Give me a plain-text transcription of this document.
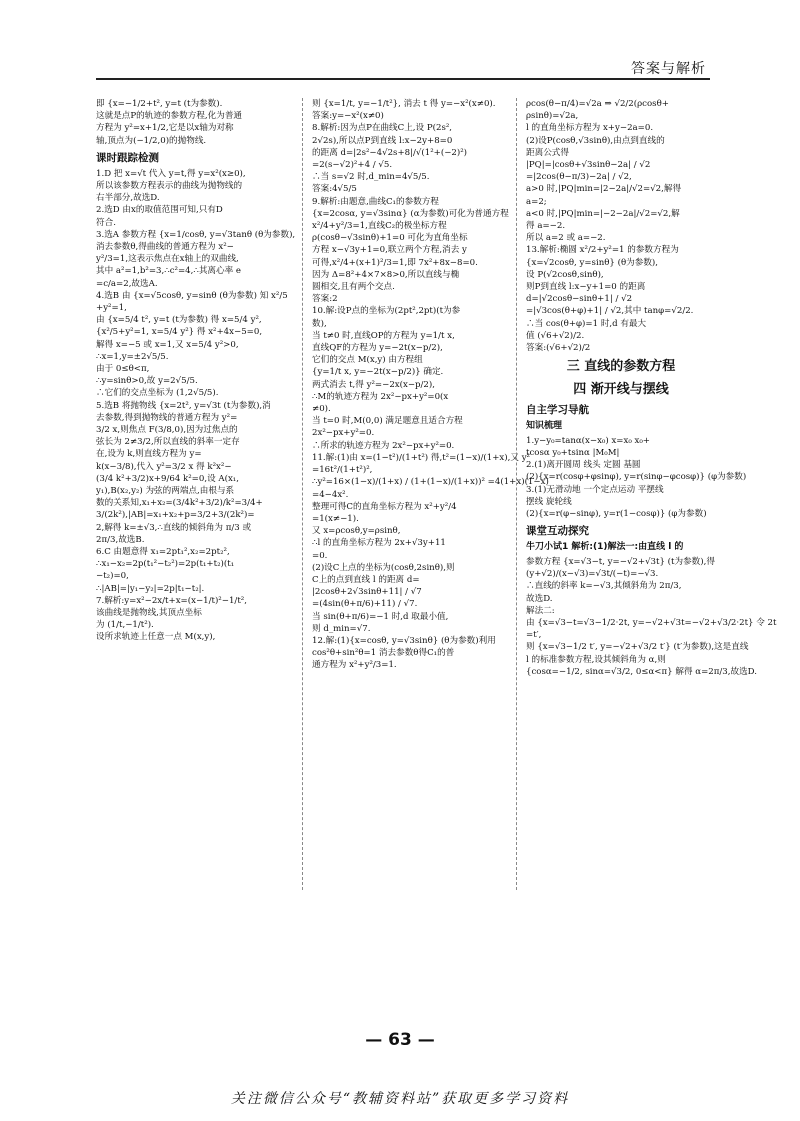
答案与解析
即 {x=−1/2+t², y=t (t为参数).
这就是点P的轨迹的参数方程,化为普通
方程为 y²=x+1/2,它是以x轴为对称
轴,顶点为(−1/2,0)的抛物线.
课时跟踪检测
1.D 把 x=√t 代入 y=t,得 y=x²(x≥0),
所以该参数方程表示的曲线为抛物线的
右半部分,故选D.
2.选D 由x的取值范围可知,只有D
符合.
3.选A 参数方程 {x=1/cosθ, y=√3tanθ (θ为参数),
消去参数θ,得曲线的普通方程为 x²−
y²/3=1,这表示焦点在x轴上的双曲线,
其中 a²=1,b²=3,∴c²=4,∴其离心率 e
=c/a=2,故选A.
4.选B 由 {x=√5cosθ, y=sinθ (θ为参数) 知 x²/5
+y²=1,
由 {x=5/4 t², y=t (t为参数) 得 x=5/4 y²,
{x²/5+y²=1, x=5/4 y²} 得 x²+4x−5=0,
解得 x=−5 或 x=1,又 x=5/4 y²>0,
∴x=1,y=±2√5/5.
由于 0≤θ<π,
∴y=sinθ>0,故 y=2√5/5.
∴它们的交点坐标为 (1,2√5/5).
5.选B 将抛物线 {x=2t², y=√3t (t为参数),消
去参数,得到抛物线的普通方程为 y²=
3/2 x,则焦点 F(3/8,0),因为过焦点的
弦长为 2≠3/2,所以直线的斜率一定存
在,设为 k,则直线方程为 y=
k(x−3/8),代入 y²=3/2 x 得 k²x²−
(3/4 k²+3/2)x+9/64 k²=0,设 A(x₁,
y₁),B(x₂,y₂) 为弦的两端点,由根与系
数的关系知,x₁+x₂=(3/4k²+3/2)/k²=3/4+
3/(2k²),|AB|=x₁+x₂+p=3/2+3/(2k²)=
2,解得 k=±√3,∴直线的倾斜角为 π/3 或
2π/3,故选B.
6.C 由题意得 x₁=2pt₁²,x₂=2pt₂²,
∴x₁−x₂=2p(t₁²−t₂²)=2p(t₁+t₂)(t₁
−t₂)=0,
∴|AB|=|y₁−y₂|=2p|t₁−t₂|.
7.解析:y=x²−2x/t+x=(x−1/t)²−1/t²,
该曲线是抛物线,其顶点坐标
为 (1/t,−1/t²).
设所求轨迹上任意一点 M(x,y),
则 {x=1/t, y=−1/t²}, 消去 t 得 y=−x²(x≠0).
答案:y=−x²(x≠0)
8.解析:因为点P在曲线C上,设 P(2s²,
2√2s),所以点P到直线 l:x−2y+8=0
的距离 d=|2s²−4√2s+8|/√(1²+(−2)²)
=2(s−√2)²+4 / √5.
∴当 s=√2 时,d_min=4√5/5.
答案:4√5/5
9.解析:由题意,曲线C₁的参数方程
{x=2cosα, y=√3sinα} (α为参数)可化为普通方程
x²/4+y²/3=1,直线C₂的极坐标方程
ρ(cosθ−√3sinθ)+1=0 可化为直角坐标
方程 x−√3y+1=0,联立两个方程,消去 y
可得,x²/4+(x+1)²/3=1,即 7x²+8x−8=0.
因为 Δ=8²+4×7×8>0,所以直线与椭
圆相交,且有两个交点.
答案:2
10.解:设P点的坐标为(2pt²,2pt)(t为参
数),
当 t≠0 时,直线OP的方程为 y=1/t x,
直线QF的方程为 y=−2t(x−p/2),
它们的交点 M(x,y) 由方程组
{y=1/t x, y=−2t(x−p/2)} 确定.
两式消去 t,得 y²=−2x(x−p/2),
∴M的轨迹方程为 2x²−px+y²=0(x
≠0).
当 t=0 时,M(0,0) 满足题意且适合方程
2x²−px+y²=0.
∴所求的轨迹方程为 2x²−px+y²=0.
11.解:(1)由 x=(1−t²)/(1+t²) 得,t²=(1−x)/(1+x),又 y²
=16t²/(1+t²)²,
∴y²=16×(1−x)/(1+x) / (1+(1−x)/(1+x))² =4(1+x)(1−x)
=4−4x².
整理可得C的直角坐标方程为 x²+y²/4
=1(x≠−1).
又 x=ρcosθ,y=ρsinθ,
∴l 的直角坐标方程为 2x+√3y+11
=0.
(2)设C上点的坐标为(cosθ,2sinθ),则
C上的点到直线 l 的距离 d=
|2cosθ+2√3sinθ+11| / √7
=(4sin(θ+π/6)+11) / √7.
当 sin(θ+π/6)=−1 时,d 取最小值,
则 d_min=√7.
12.解:(1){x=cosθ, y=√3sinθ} (θ为参数)利用
cos²θ+sin²θ=1 消去参数θ得C₁的普
通方程为 x²+y²/3=1.
ρcos(θ−π/4)=√2a ⇒ √2/2(ρcosθ+
ρsinθ)=√2a,
l 的直角坐标方程为 x+y−2a=0.
(2)设P(cosθ,√3sinθ),由点到直线的
距离公式得
|PQ|=|cosθ+√3sinθ−2a| / √2
=|2cos(θ−π/3)−2a| / √2,
a>0 时,|PQ|min=|2−2a|/√2=√2,解得
a=2;
a<0 时,|PQ|min=|−2−2a|/√2=√2,解
得 a=−2.
所以 a=2 或 a=−2.
13.解析:椭圆 x²/2+y²=1 的参数方程为
{x=√2cosθ, y=sinθ} (θ为参数),
设 P(√2cosθ,sinθ),
则P到直线 l:x−y+1=0 的距离
d=|√2cosθ−sinθ+1| / √2
=|√3cos(θ+φ)+1| / √2,其中 tanφ=√2/2.
∴当 cos(θ+φ)=1 时,d 有最大
值 (√6+√2)/2.
答案:(√6+√2)/2
三 直线的参数方程
四 渐开线与摆线
自主学习导航
知识梳理
1.y−y₀=tanα(x−x₀) x=x₀ x₀+
tcosα y₀+tsinα |M₀M|
2.(1)离开圆周 线头 定圆 基圆
(2){x=r(cosφ+φsinφ), y=r(sinφ−φcosφ)} (φ为参数)
3.(1)无滑动地 一个定点运动 平摆线
摆线 旋轮线
(2){x=r(φ−sinφ), y=r(1−cosφ)} (φ为参数)
课堂互动探究
牛刀小试1 解析:(1)解法一:由直线 l 的
参数方程 {x=√3−t, y=−√2+√3t} (t为参数),得
(y+√2)/(x−√3)=√3t/(−t)=−√3.
∴直线的斜率 k=−√3,其倾斜角为 2π/3,
故选D.
解法二:
由 {x=√3−t=√3−1/2·2t, y=−√2+√3t=−√2+√3/2·2t} 令 2t
=t′,
则 {x=√3−1/2 t′, y=−√2+√3/2 t′} (t′为参数),这是直线
l 的标准参数方程,设其倾斜角为 α,则
{cosα=−1/2, sinα=√3/2, 0≤α<π} 解得 α=2π/3,故选D.
— 63 —
关注微信公众号“教辅资料站”获取更多学习资料
